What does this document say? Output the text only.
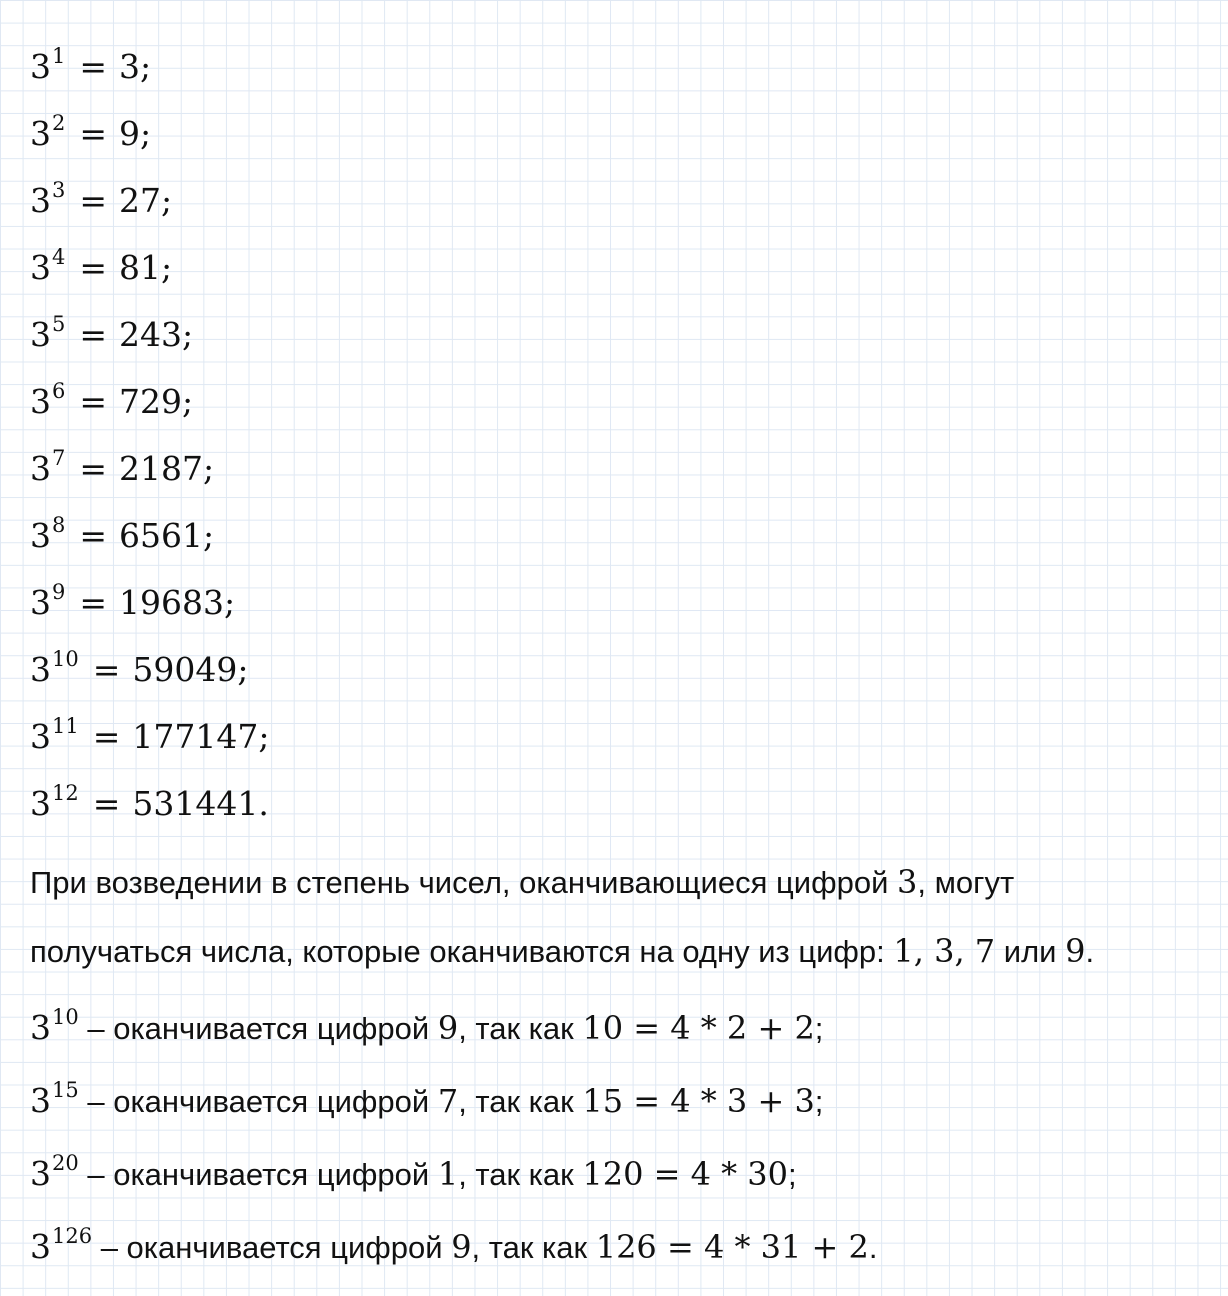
$3^1 = 3$;
$3^2 = 9$;
$3^3 = 27$;
$3^4 = 81$;
$3^5 = 243$;
$3^6 = 729$;
$3^7 = 2187$;
$3^8 = 6561$;
$3^9 = 19683$;
$3^{10} = 59049$;
$3^{11} = 177147$;
$3^{12} = 531441$.
При возведении в степень чисел, оканчивающиеся цифрой 3, могут
получаться числа, которые оканчиваются на одну из цифр: 1, 3, 7 или 9.
$3^{10}$ – оканчивается цифрой 9, так как 10 = 4 * 2 + 2;
$3^{15}$ – оканчивается цифрой 7, так как 15 = 4 * 3 + 3;
$3^{20}$ – оканчивается цифрой 1, так как 120 = 4 * 30;
$3^{126}$ – оканчивается цифрой 9, так как 126 = 4 * 31 + 2.
